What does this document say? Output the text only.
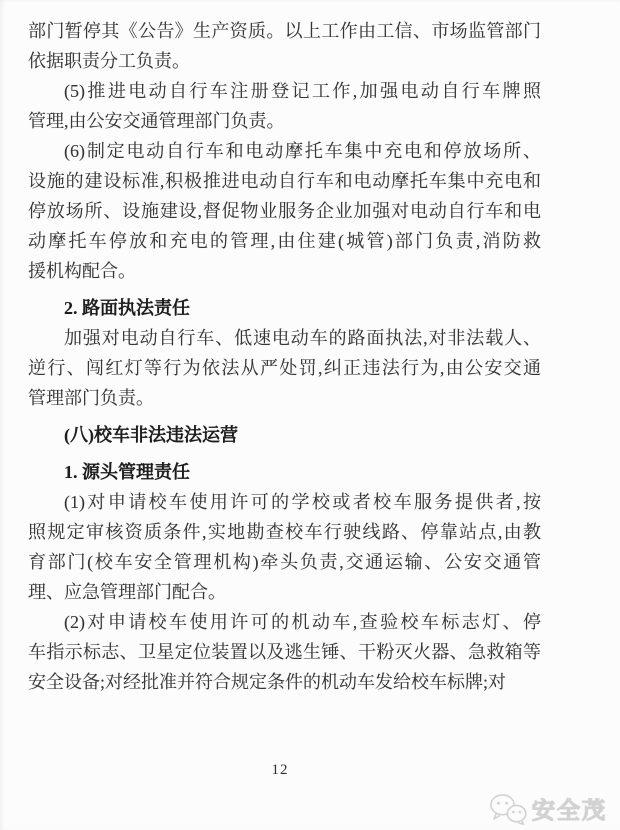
部门暂停其《公告》生产资质。以上工作由工信、市场监管部门
依据职责分工负责。
(5)推进电动自行车注册登记工作,加强电动自行车牌照
管理,由公安交通管理部门负责。
(6)制定电动自行车和电动摩托车集中充电和停放场所、
设施的建设标准,积极推进电动自行车和电动摩托车集中充电和
停放场所、设施建设,督促物业服务企业加强对电动自行车和电
动摩托车停放和充电的管理,由住建(城管)部门负责,消防救
援机构配合。
2. 路面执法责任
加强对电动自行车、低速电动车的路面执法,对非法载人、
逆行、闯红灯等行为依法从严处罚,纠正违法行为,由公安交通
管理部门负责。
(八)校车非法违法运营
1. 源头管理责任
(1)对申请校车使用许可的学校或者校车服务提供者,按
照规定审核资质条件,实地勘查校车行驶线路、停靠站点,由教
育部门(校车安全管理机构)牵头负责,交通运输、公安交通管
理、应急管理部门配合。
(2)对申请校车使用许可的机动车,查验校车标志灯、停
车指示标志、卫星定位装置以及逃生锤、干粉灭火器、急救箱等
安全设备;对经批准并符合规定条件的机动车发给校车标牌;对
12
安全茂
